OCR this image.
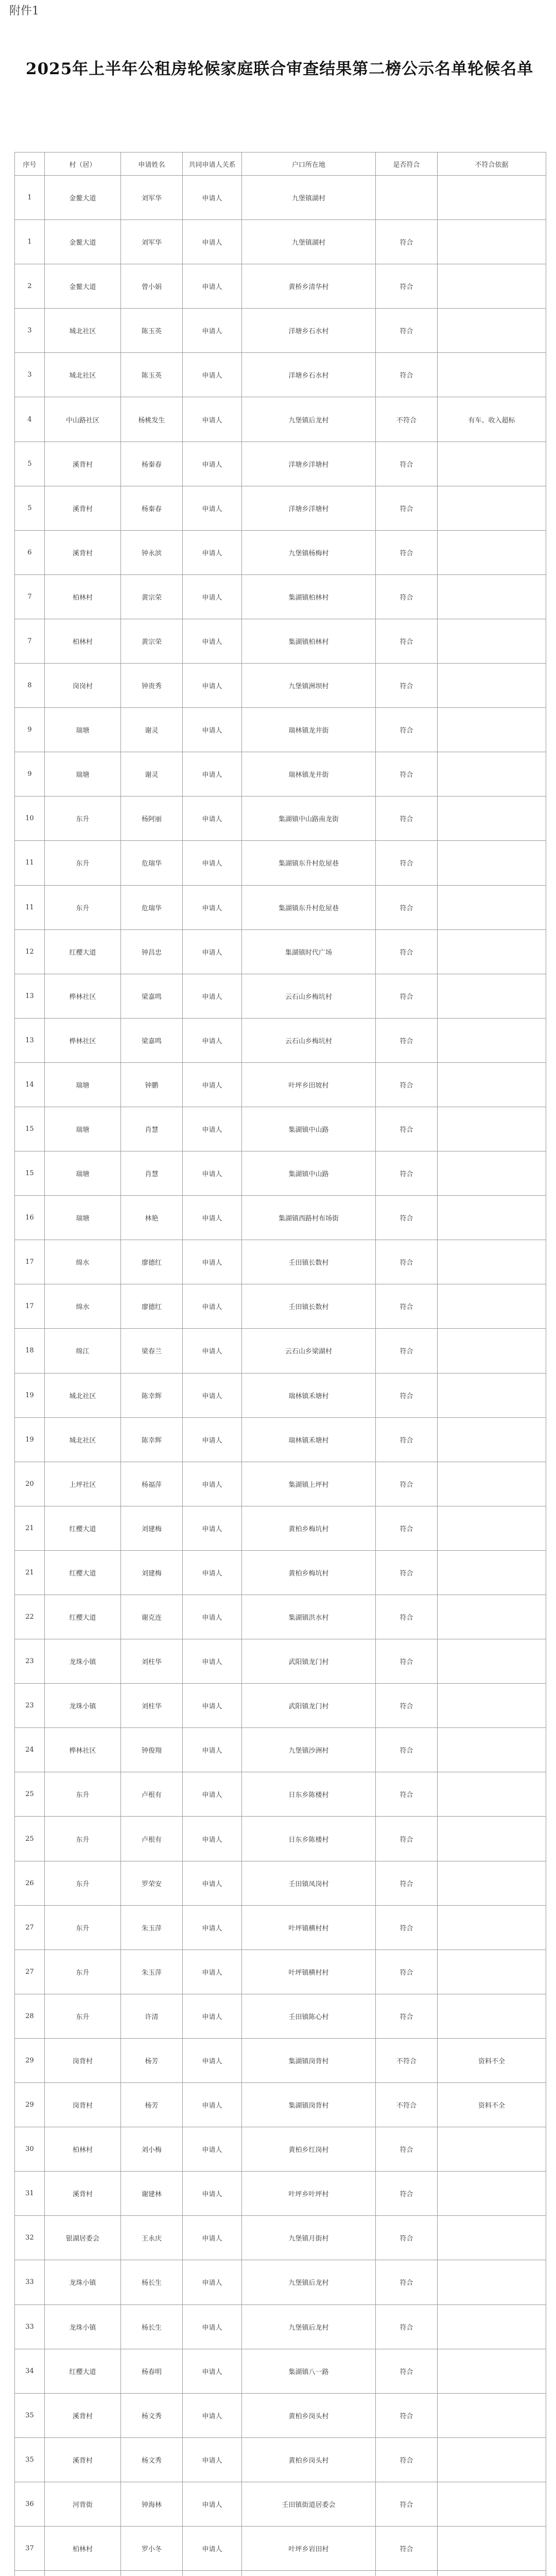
附件1
2025年上半年公租房轮候家庭联合审查结果第二榜公示名单轮候名单
序号	村（居）	申请姓名	共同申请人关系	户口所在地	是否符合	不符合依据
1	金鳌大道	刘军华	申请人	九堡镇湖村		
1	金鳌大道	刘军华	申请人	九堡镇湖村	符合	
2	金鳌大道	曾小娟	申请人	黄桥乡清华村	符合	
3	城北社区	陈玉英	申请人	洋塘乡石水村	符合	
3	城北社区	陈玉英	申请人	洋塘乡石水村	符合	
4	中山路社区	杨桃发生	申请人	九堡镇后龙村	不符合	有车、收入超标
5	溪背村	杨秦春	申请人	洋塘乡洋塘村	符合	
5	溪背村	杨秦春	申请人	洋塘乡洋塘村	符合	
6	溪背村	钟永滨	申请人	九堡镇杨梅村	符合	
7	柏林村	黄宗荣	申请人	集湖镇柏林村	符合	
7	柏林村	黄宗荣	申请人	集湖镇柏林村	符合	
8	岗岗村	钟贵秀	申请人	九堡镇洲坝村	符合	
9	瑞塘	谢灵	申请人	瑞林镇龙井街	符合	
9	瑞塘	谢灵	申请人	瑞林镇龙井街	符合	
10	东升	杨阿丽	申请人	集湖镇中山路南龙街	符合	
11	东升	危瑞华	申请人	集湖镇东升村危屋巷	符合	
11	东升	危瑞华	申请人	集湖镇东升村危屋巷	符合	
12	红樱大道	钟昌忠	申请人	集湖镇时代广场	符合	
13	桦林社区	梁嘉鸣	申请人	云石山乡梅坑村	符合	
13	桦林社区	梁嘉鸣	申请人	云石山乡梅坑村	符合	
14	瑞塘	钟鹏	申请人	叶坪乡田坡村	符合	
15	瑞塘	肖慧	申请人	集湖镇中山路	符合	
15	瑞塘	肖慧	申请人	集湖镇中山路	符合	
16	瑞塘	林艳	申请人	集湖镇西路村布场街	符合	
17	绵水	廖德红	申请人	壬田镇长数村	符合	
17	绵水	廖德红	申请人	壬田镇长数村	符合	
18	绵江	梁春兰	申请人	云石山乡梁湖村	符合	
19	城北社区	陈幸辉	申请人	瑞林镇禾塘村	符合	
19	城北社区	陈幸辉	申请人	瑞林镇禾塘村	符合	
20	上坪社区	杨福萍	申请人	集湖镇上坪村	符合	
21	红樱大道	刘建梅	申请人	黄柏乡梅坑村	符合	
21	红樱大道	刘建梅	申请人	黄柏乡梅坑村	符合	
22	红樱大道	谢克连	申请人	集湖镇洪水村	符合	
23	龙珠小镇	刘柱华	申请人	武阳镇龙门村	符合	
23	龙珠小镇	刘柱华	申请人	武阳镇龙门村	符合	
24	桦林社区	钟俊翔	申请人	九堡镇沙洲村	符合	
25	东升	卢根有	申请人	日东乡陈楼村	符合	
25	东升	卢根有	申请人	日东乡陈楼村	符合	
26	东升	罗荣安	申请人	壬田镇凤岗村	符合	
27	东升	朱玉萍	申请人	叶坪镇横村村	符合	
27	东升	朱玉萍	申请人	叶坪镇横村村	符合	
28	东升	许清	申请人	壬田镇陈心村	符合	
29	岗背村	杨芳	申请人	集湖镇岗背村	不符合	资料不全
29	岗背村	杨芳	申请人	集湖镇岗背村	不符合	资料不全
30	柏林村	刘小梅	申请人	黄柏乡红岗村	符合	
31	溪背村	谢建林	申请人	叶坪乡叶坪村	符合	
32	银湖居委会	王永庆	申请人	九堡镇月街村	符合	
33	龙珠小镇	杨长生	申请人	九堡镇后龙村	符合	
33	龙珠小镇	杨长生	申请人	九堡镇后龙村	符合	
34	红樱大道	杨春明	申请人	集湖镇八一路	符合	
35	溪背村	杨文秀	申请人	黄柏乡岗头村	符合	
35	溪背村	杨文秀	申请人	黄柏乡岗头村	符合	
36	河背街	钟海林	申请人	壬田镇街道居委会	符合	
37	柏林村	罗小冬	申请人	叶坪乡岩田村	符合	
